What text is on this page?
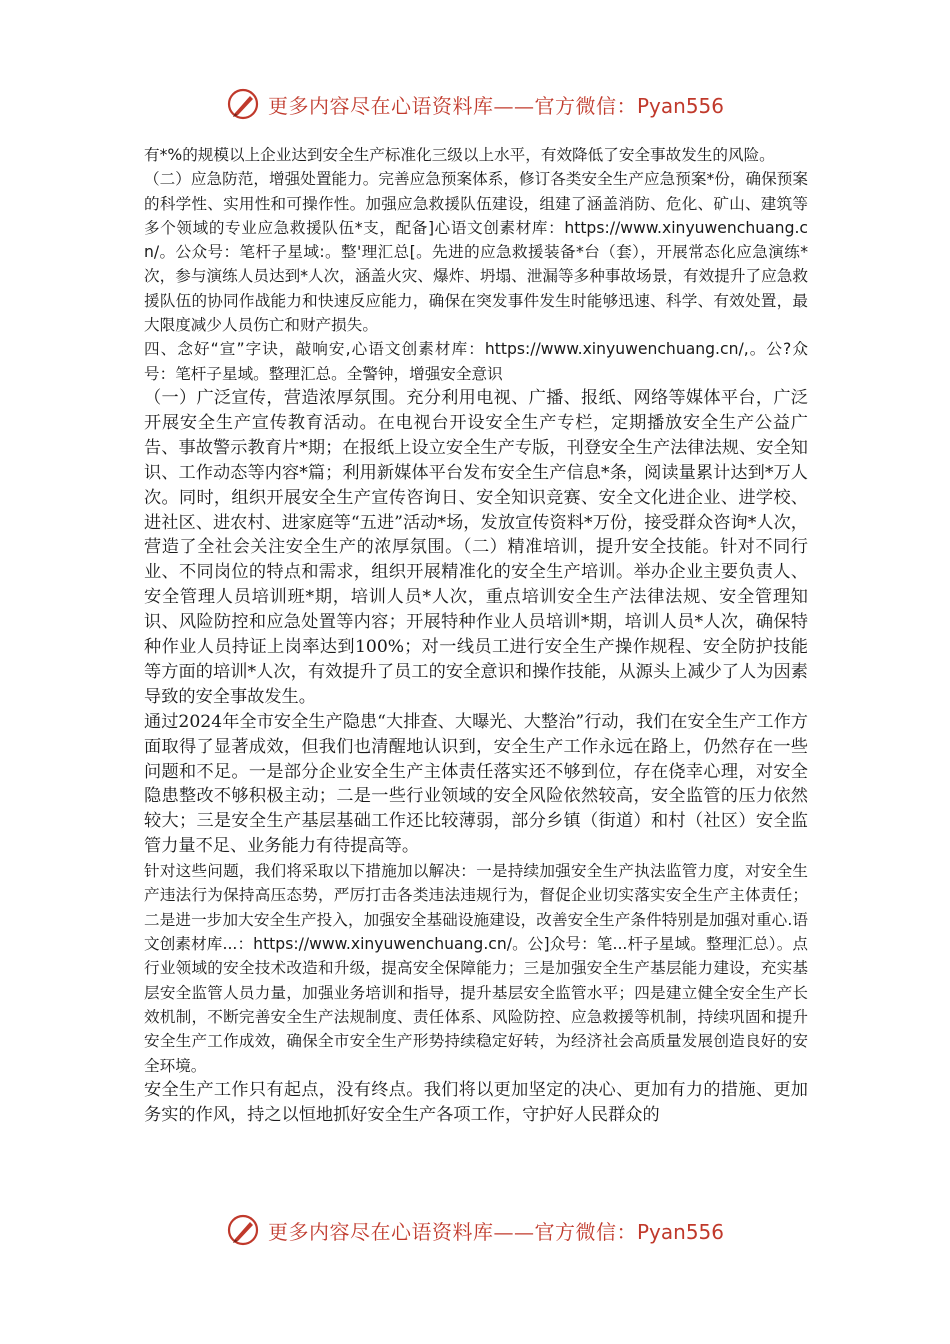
更多内容尽在心语资料库——官方微信：Pyan556

有*%的规模以上企业达到安全生产标准化三级以上水平，有效降低了安全事故发生的风险。

（二）应急防范，增强处置能力。完善应急预案体系，修订各类安全生产应急预案*份，确保预案的科学性、实用性和可操作性。加强应急救援队伍建设，组建了涵盖消防、危化、矿山、建筑等多个领域的专业应急救援队伍*支，配备]心语文创素材库：https://www.xinyuwenchuang.cn/。公众号：笔杆子星域:。整'理汇总[。先进的应急救援装备*台（套），开展常态化应急演练*次，参与演练人员达到*人次，涵盖火灾、爆炸、坍塌、泄漏等多种事故场景，有效提升了应急救援队伍的协同作战能力和快速反应能力，确保在突发事件发生时能够迅速、科学、有效处置，最大限度减少人员伤亡和财产损失。

四、念好“宣”字诀，敲响安,心语文创素材库：https://www.xinyuwenchuang.cn/,。公?众号：笔杆子星域。整理汇总。全警钟，增强安全意识

（一）广泛宣传，营造浓厚氛围。充分利用电视、广播、报纸、网络等媒体平台，广泛开展安全生产宣传教育活动。在电视台开设安全生产专栏，定期播放安全生产公益广告、事故警示教育片*期；在报纸上设立安全生产专版，刊登安全生产法律法规、安全知识、工作动态等内容*篇；利用新媒体平台发布安全生产信息*条，阅读量累计达到*万人次。同时，组织开展安全生产宣传咨询日、安全知识竞赛、安全文化进企业、进学校、进社区、进农村、进家庭等“五进”活动*场，发放宣传资料*万份，接受群众咨询*人次，营造了全社会关注安全生产的浓厚氛围。（二）精准培训，提升安全技能。针对不同行业、不同岗位的特点和需求，组织开展精准化的安全生产培训。举办企业主要负责人、安全管理人员培训班*期，培训人员*人次，重点培训安全生产法律法规、安全管理知识、风险防控和应急处置等内容；开展特种作业人员培训*期，培训人员*人次，确保特种作业人员持证上岗率达到100%；对一线员工进行安全生产操作规程、安全防护技能等方面的培训*人次，有效提升了员工的安全意识和操作技能，从源头上减少了人为因素导致的安全事故发生。

通过2024年全市安全生产隐患“大排查、大曝光、大整治”行动，我们在安全生产工作方面取得了显著成效，但我们也清醒地认识到，安全生产工作永远在路上，仍然存在一些问题和不足。一是部分企业安全生产主体责任落实还不够到位，存在侥幸心理，对安全隐患整改不够积极主动；二是一些行业领域的安全风险依然较高，安全监管的压力依然较大；三是安全生产基层基础工作还比较薄弱，部分乡镇（街道）和村（社区）安全监管力量不足、业务能力有待提高等。

针对这些问题，我们将采取以下措施加以解决：一是持续加强安全生产执法监管力度，对安全生产违法行为保持高压态势，严厉打击各类违法违规行为，督促企业切实落实安全生产主体责任；二是进一步加大安全生产投入，加强安全基础设施建设，改善安全生产条件特别是加强对重心.语文创素材库...：https://www.xinyuwenchuang.cn/。公]众号：笔...杆子星域。整理汇总）。点行业领域的安全技术改造和升级，提高安全保障能力；三是加强安全生产基层能力建设，充实基层安全监管人员力量，加强业务培训和指导，提升基层安全监管水平；四是建立健全安全生产长效机制，不断完善安全生产法规制度、责任体系、风险防控、应急救援等机制，持续巩固和提升安全生产工作成效，确保全市安全生产形势持续稳定好转，为经济社会高质量发展创造良好的安全环境。

安全生产工作只有起点，没有终点。我们将以更加坚定的决心、更加有力的措施、更加务实的作风，持之以恒地抓好安全生产各项工作，守护好人民群众的

更多内容尽在心语资料库——官方微信：Pyan556
